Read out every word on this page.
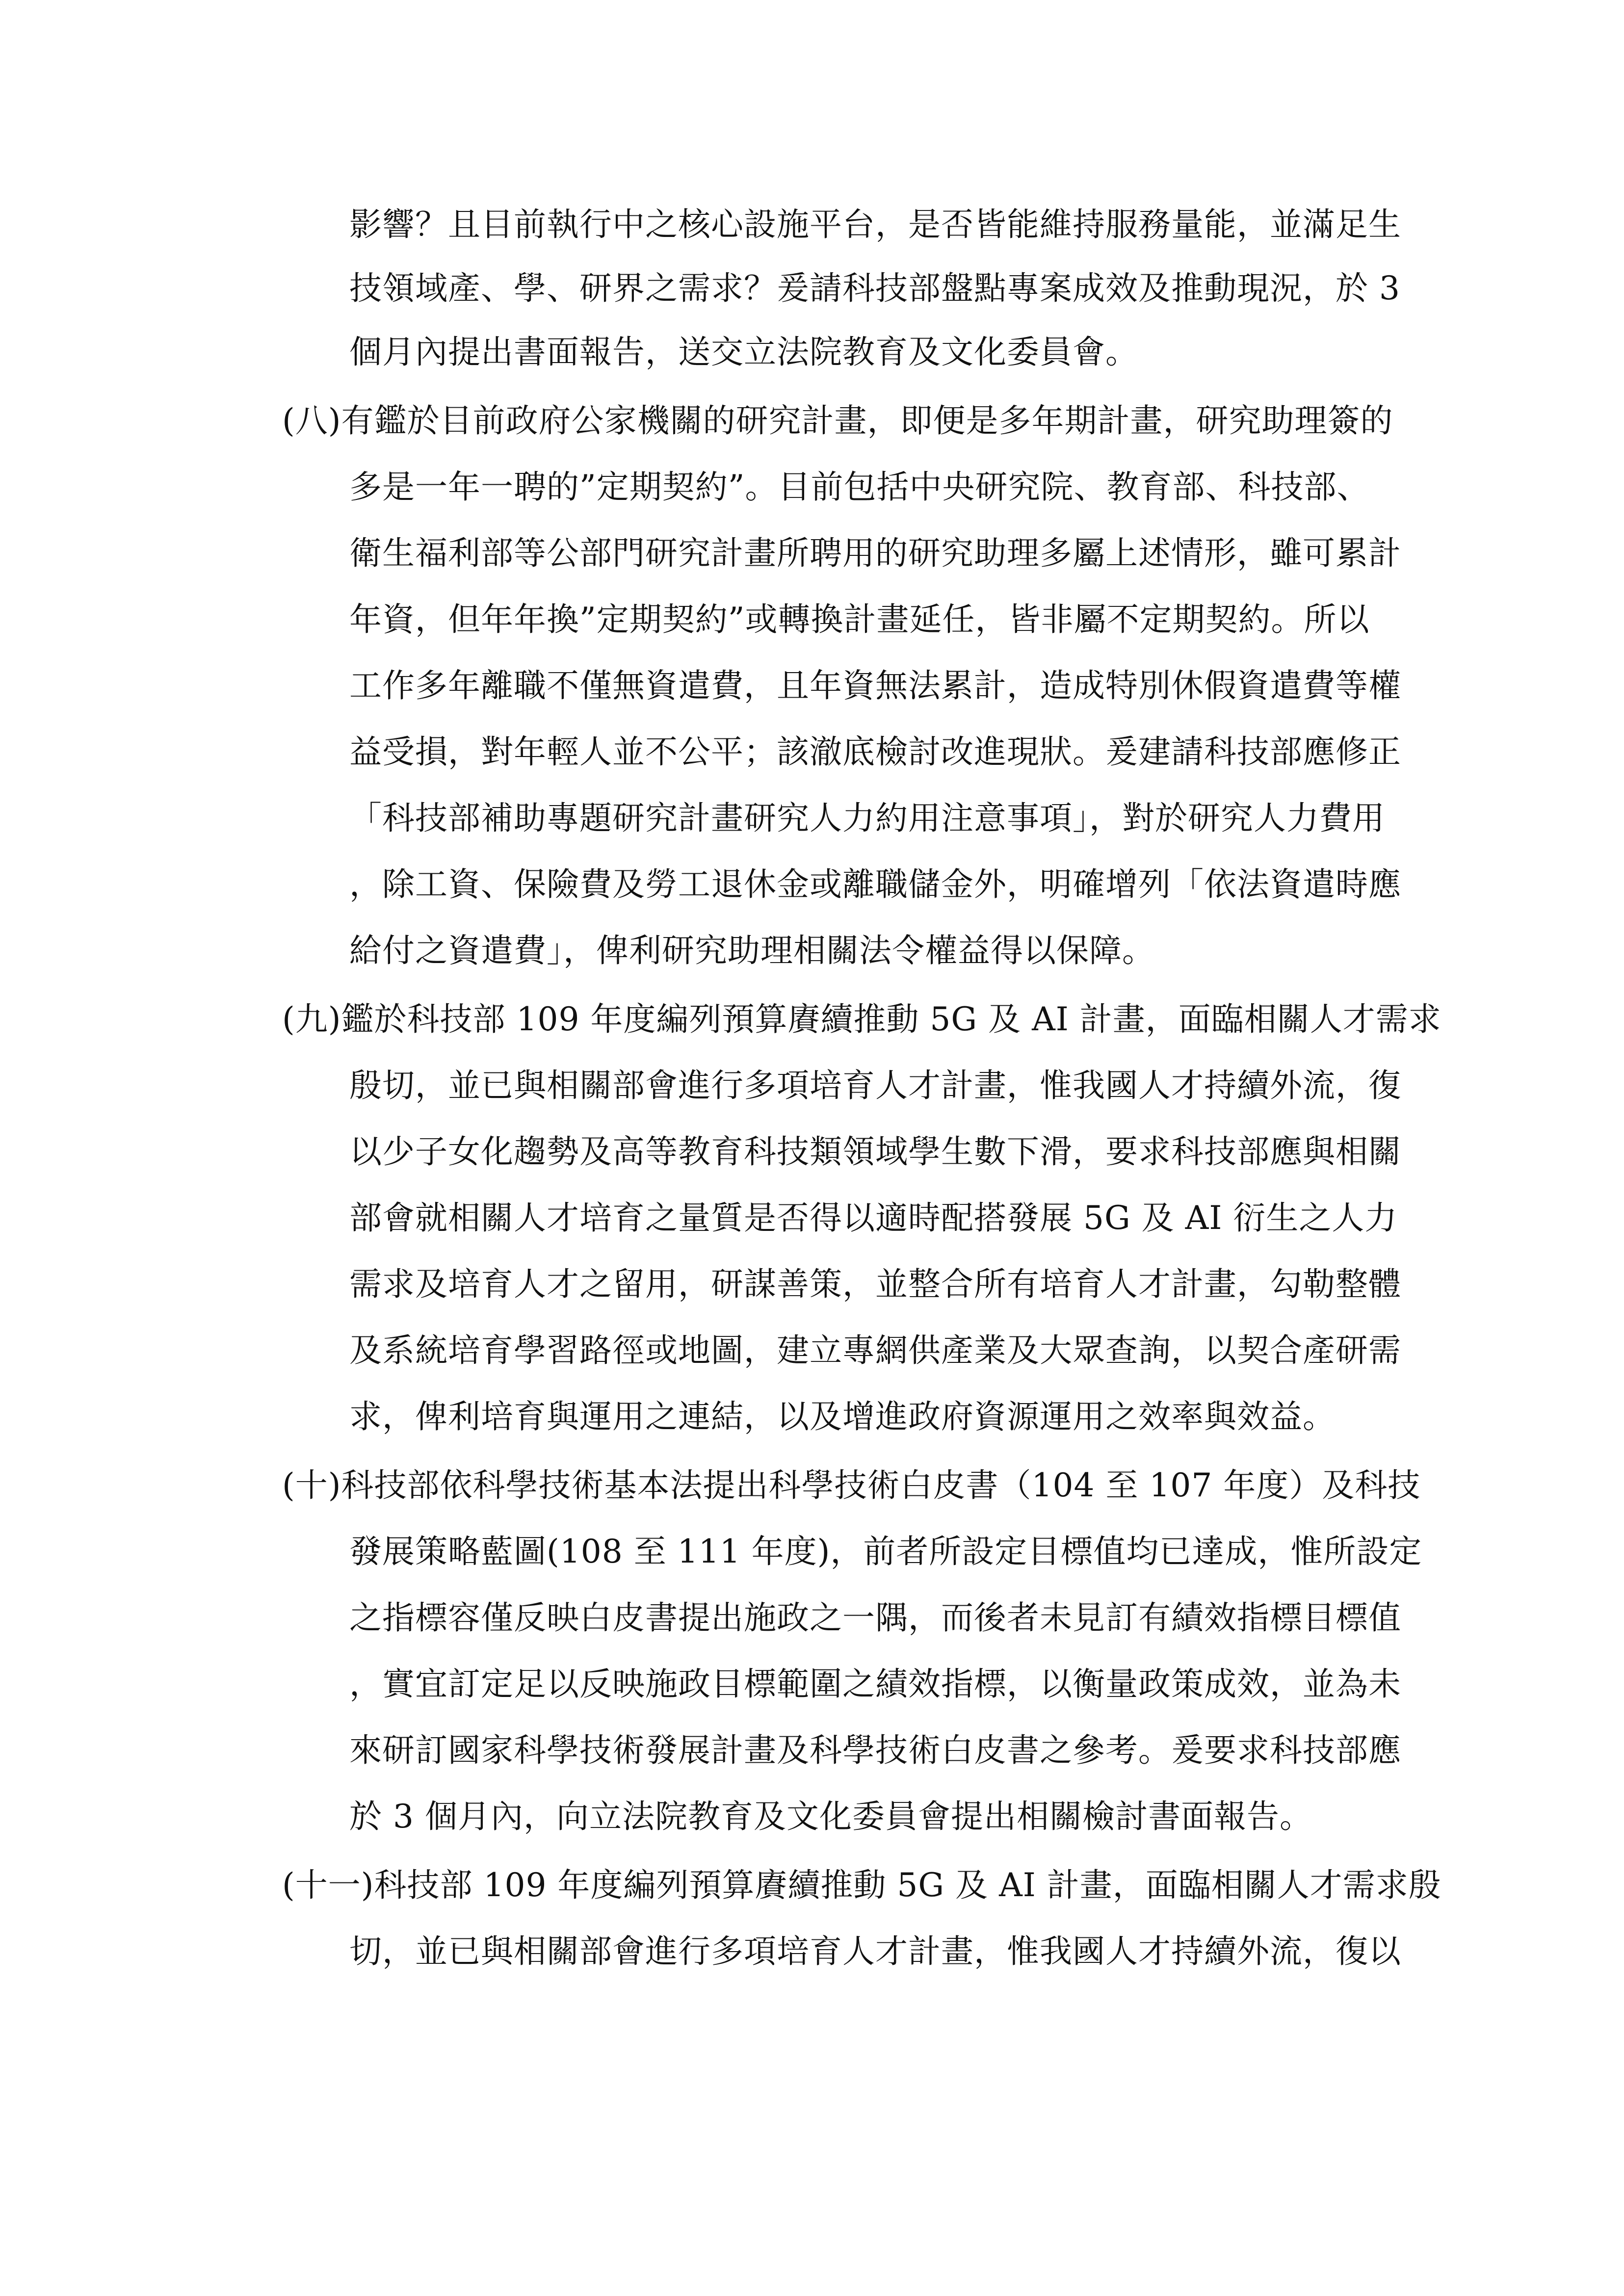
影響？且目前執行中之核心設施平台，是否皆能維持服務量能，並滿足生
技領域產、學、研界之需求？爰請科技部盤點專案成效及推動現況，於 3
個月內提出書面報告，送交立法院教育及文化委員會。
(八)有鑑於目前政府公家機關的研究計畫，即便是多年期計畫，研究助理簽的
多是一年一聘的”定期契約”。目前包括中央研究院、教育部、科技部、
衛生福利部等公部門研究計畫所聘用的研究助理多屬上述情形，雖可累計
年資，但年年換”定期契約”或轉換計畫延任，皆非屬不定期契約。所以
工作多年離職不僅無資遣費，且年資無法累計，造成特別休假資遣費等權
益受損，對年輕人並不公平；該澈底檢討改進現狀。爰建請科技部應修正
「科技部補助專題研究計畫研究人力約用注意事項」，對於研究人力費用
，除工資、保險費及勞工退休金或離職儲金外，明確增列「依法資遣時應
給付之資遣費」，俾利研究助理相關法令權益得以保障。
(九)鑑於科技部 109 年度編列預算賡續推動 5G 及 AI 計畫，面臨相關人才需求
殷切，並已與相關部會進行多項培育人才計畫，惟我國人才持續外流，復
以少子女化趨勢及高等教育科技類領域學生數下滑，要求科技部應與相關
部會就相關人才培育之量質是否得以適時配搭發展 5G 及 AI 衍生之人力
需求及培育人才之留用，研謀善策，並整合所有培育人才計畫，勾勒整體
及系統培育學習路徑或地圖，建立專網供產業及大眾查詢，以契合產研需
求，俾利培育與運用之連結，以及增進政府資源運用之效率與效益。
(十)科技部依科學技術基本法提出科學技術白皮書（104 至 107 年度）及科技
發展策略藍圖(108 至 111 年度)，前者所設定目標值均已達成，惟所設定
之指標容僅反映白皮書提出施政之一隅，而後者未見訂有績效指標目標值
，實宜訂定足以反映施政目標範圍之績效指標，以衡量政策成效，並為未
來研訂國家科學技術發展計畫及科學技術白皮書之參考。爰要求科技部應
於 3 個月內，向立法院教育及文化委員會提出相關檢討書面報告。
(十一)科技部 109 年度編列預算賡續推動 5G 及 AI 計畫，面臨相關人才需求殷
切，並已與相關部會進行多項培育人才計畫，惟我國人才持續外流，復以
